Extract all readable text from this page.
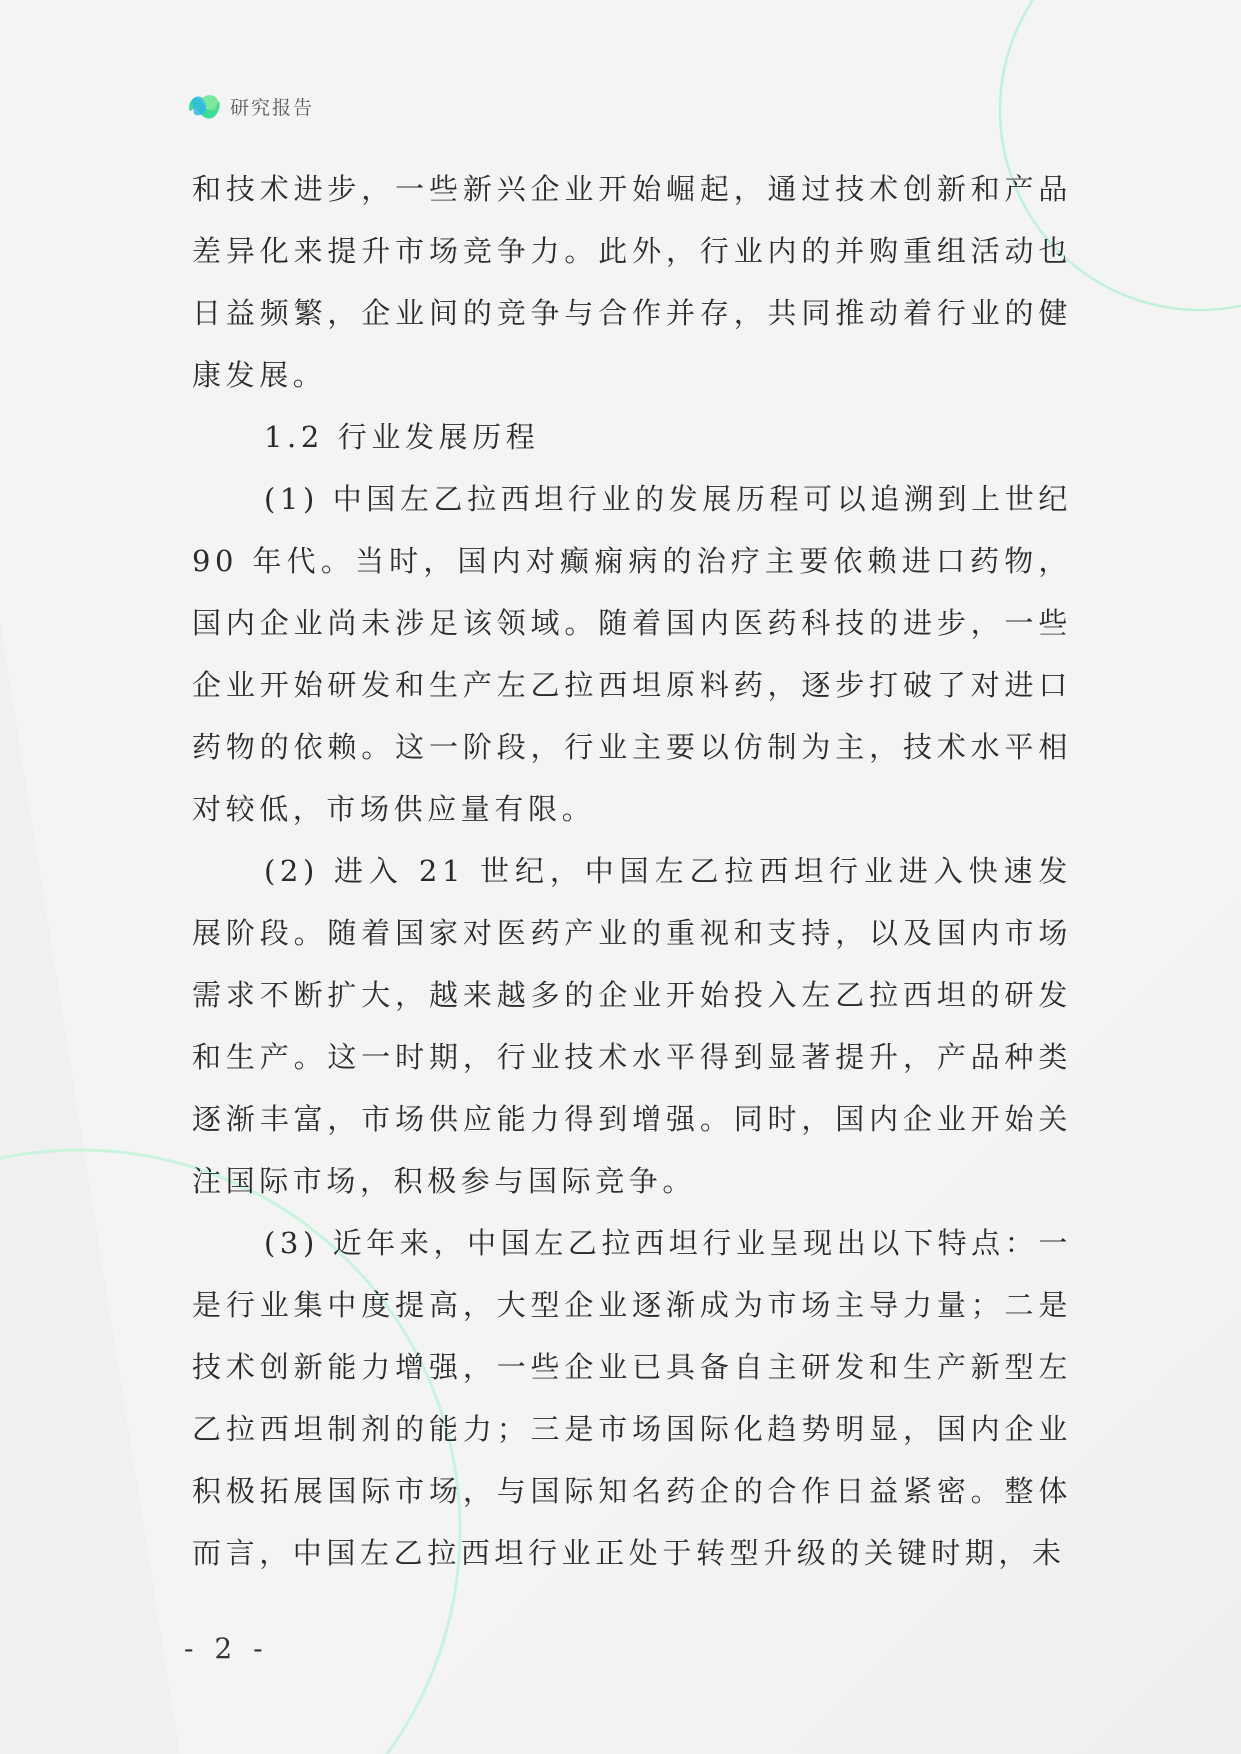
研究报告

和技术进步，一些新兴企业开始崛起，通过技术创新和产品差异化来提升市场竞争力。此外，行业内的并购重组活动也日益频繁，企业间的竞争与合作并存，共同推动着行业的健康发展。

1.2 行业发展历程

(1) 中国左乙拉西坦行业的发展历程可以追溯到上世纪 90 年代。当时，国内对癫痫病的治疗主要依赖进口药物，国内企业尚未涉足该领域。随着国内医药科技的进步，一些企业开始研发和生产左乙拉西坦原料药，逐步打破了对进口药物的依赖。这一阶段，行业主要以仿制为主，技术水平相对较低，市场供应量有限。

(2) 进入 21 世纪，中国左乙拉西坦行业进入快速发展阶段。随着国家对医药产业的重视和支持，以及国内市场需求不断扩大，越来越多的企业开始投入左乙拉西坦的研发和生产。这一时期，行业技术水平得到显著提升，产品种类逐渐丰富，市场供应能力得到增强。同时，国内企业开始关注国际市场，积极参与国际竞争。

(3) 近年来，中国左乙拉西坦行业呈现出以下特点：一是行业集中度提高，大型企业逐渐成为市场主导力量；二是技术创新能力增强，一些企业已具备自主研发和生产新型左乙拉西坦制剂的能力；三是市场国际化趋势明显，国内企业积极拓展国际市场，与国际知名药企的合作日益紧密。整体而言，中国左乙拉西坦行业正处于转型升级的关键时期，未

- 2 -
